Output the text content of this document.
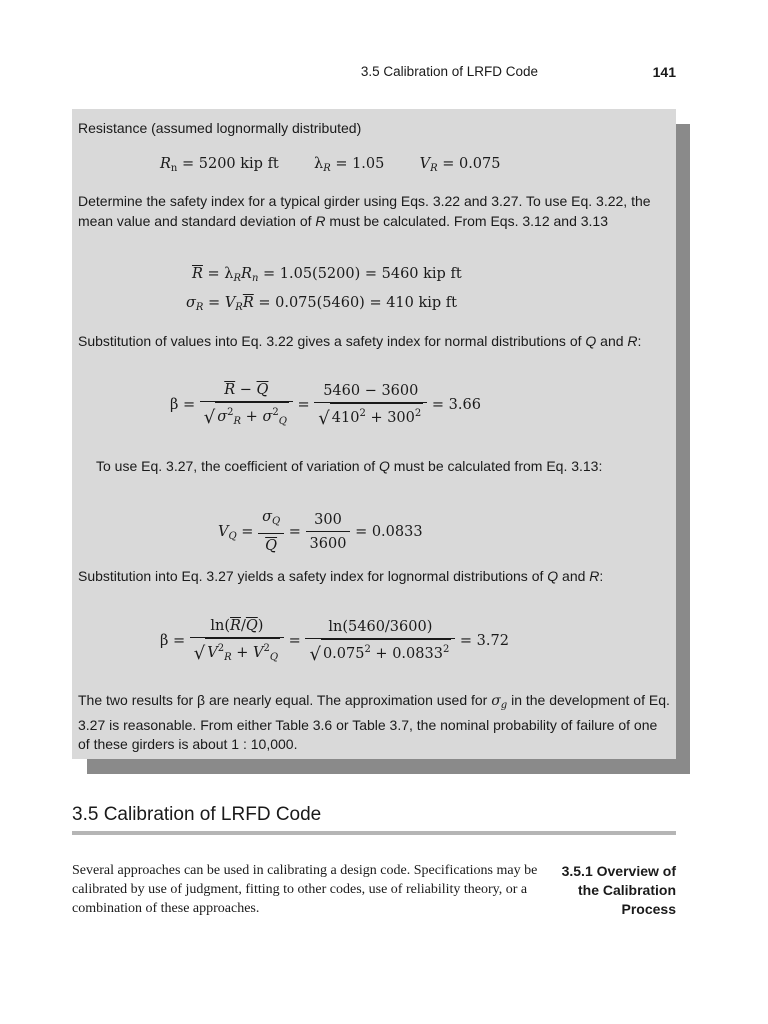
3.5 Calibration of LRFD Code	141

Resistance (assumed lognormally distributed)

$R_n = 5200$ kip ft  $\lambda_R = 1.05$ $V_R = 0.075$

Determine the safety index for a typical girder using Eqs. 3.22 and 3.27. To use Eq. 3.22, the mean value and standard deviation of R must be calculated. From Eqs. 3.12 and 3.13

$\overline{R} = \lambda_RR_n = 1.05(5200) = 5460$ kip ft
$\sigma_R = V_R\overline{R} = 0.075(5460) = 410$ kip ft

Substitution of values into Eq. 3.22 gives a safety index for normal distributions of Q and R:

$\beta = \frac{\overline{R} - \overline{Q}}{√ \sigma^2_R + \sigma^2_Q} = \frac{5460 - 3600}{√ 410^2 + 300^2} = 3.66$

To use Eq. 3.27, the coefficient of variation of Q must be calculated from Eq. 3.13:

$V_Q = \frac{\sigma_Q}{Q} = \frac{300}{3600} = 0.0833$

Substitution into Eq. 3.27 yields a safety index for lognormal distributions of Q and R:

$\beta = \frac{\ln(\overline{R}/\overline{Q})}{√ V^2_R + V^2_Q} = \frac{\ln(5460/3600)}{√ 0.075^2 + 0.0833^2} = 3.72$

The two results for β are nearly equal. The approximation used for $\sigma_g$ in the development of Eq. 3.27 is reasonable. From either Table 3.6 or Table 3.7, the nominal probability of failure of one of these girders is about 1 : 10,000.

3.5 Calibration of LRFD Code

Several approaches can be used in calibrating a design code. Specifications may be calibrated by use of judgment, fitting to other codes, use of reliability theory, or a combination of these approaches.

3.5.1 Overview of the Calibration Process
